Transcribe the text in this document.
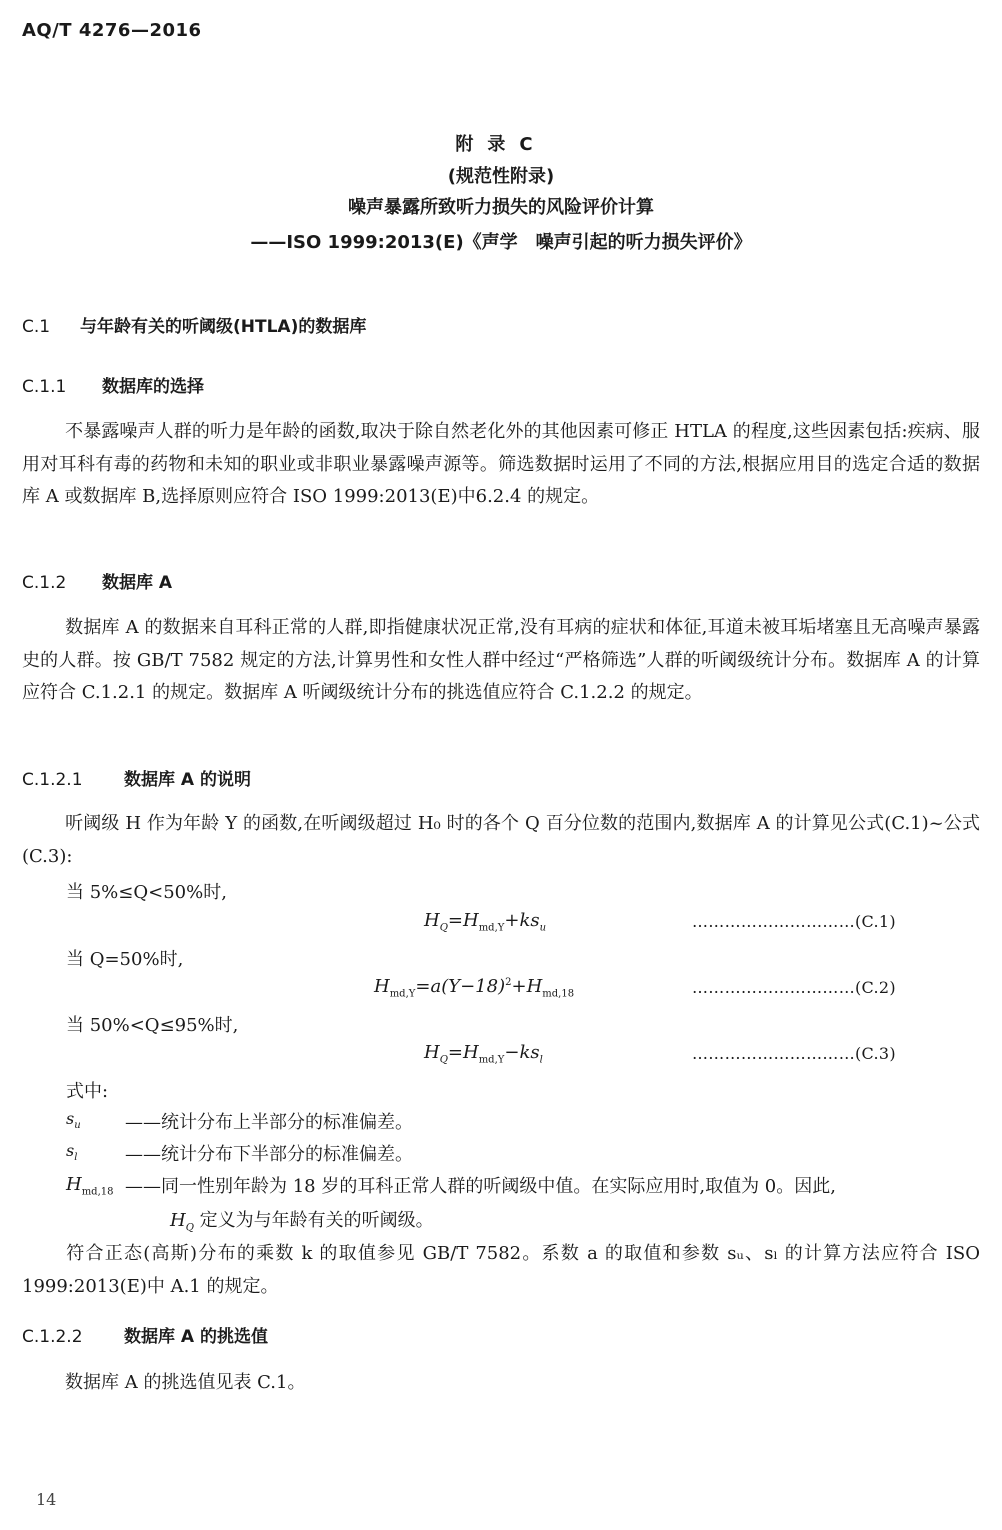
AQ/T 4276—2016
附录C
(规范性附录)
噪声暴露所致听力损失的风险评价计算
——ISO 1999:2013(E)《声学　噪声引起的听力损失评价》
C.1 与年龄有关的听阈级(HTLA)的数据库
C.1.1 数据库的选择
不暴露噪声人群的听力是年龄的函数,取决于除自然老化外的其他因素可修正 HTLA 的程度,这些因素包括:疾病、服用对耳科有毒的药物和未知的职业或非职业暴露噪声源等。筛选数据时运用了不同的方法,根据应用目的选定合适的数据库 A 或数据库 B,选择原则应符合 ISO 1999:2013(E)中6.2.4 的规定。
C.1.2 数据库 A
数据库 A 的数据来自耳科正常的人群,即指健康状况正常,没有耳病的症状和体征,耳道未被耳垢堵塞且无高噪声暴露史的人群。按 GB/T 7582 规定的方法,计算男性和女性人群中经过“严格筛选”人群的听阈级统计分布。数据库 A 的计算应符合 C.1.2.1 的规定。数据库 A 听阈级统计分布的挑选值应符合 C.1.2.2 的规定。
C.1.2.1 数据库 A 的说明
听阈级 H 作为年龄 Y 的函数,在听阈级超过 H₀ 时的各个 Q 百分位数的范围内,数据库 A 的计算见公式(C.1)~公式(C.3):
当 5%≤Q<50%时,
$H_Q=H_{md,Y}+ks_u$	…………………………(C.1)
当 Q=50%时,
$H_{md,Y}=a(Y-18)^2+H_{md,18}$	…………………………(C.2)
当 50%<Q≤95%时,
$H_Q=H_{md,Y}-ks_l$	…………………………(C.3)
式中:
$s_u$ ——统计分布上半部分的标准偏差。
$s_l$	——统计分布下半部分的标准偏差。
$H_{md,18}$ ——同一性别年龄为 18 岁的耳科正常人群的听阈级中值。在实际应用时,取值为 0。因此,
$H_Q$ 定义为与年龄有关的听阈级。
符合正态(高斯)分布的乘数 k 的取值参见 GB/T 7582。系数 a 的取值和参数 sᵤ、sₗ 的计算方法应符合 ISO 1999:2013(E)中 A.1 的规定。
C.1.2.2 数据库 A 的挑选值
数据库 A 的挑选值见表 C.1。
14
